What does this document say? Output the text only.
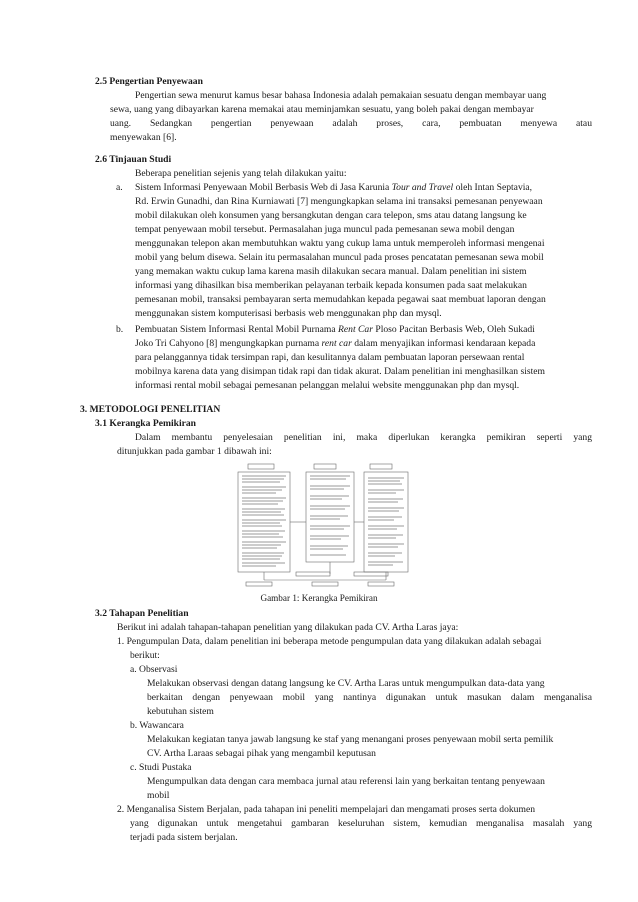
2.5 Pengertian Penyewaan
Pengertian sewa menurut kamus besar bahasa Indonesia adalah pemakaian sesuatu dengan membayar uang
sewa, uang yang dibayarkan karena memakai atau meminjamkan sesuatu, yang boleh pakai dengan membayar
uang. Sedangkan pengertian penyewaan adalah proses, cara, pembuatan menyewa atau
menyewakan [6].
2.6 Tinjauan Studi
Beberapa penelitian sejenis yang telah dilakukan yaitu:
a. Sistem Informasi Penyewaan Mobil Berbasis Web di Jasa Karunia Tour and Travel oleh Intan Septavia,
Rd. Erwin Gunadhi, dan Rina Kurniawati [7] mengungkapkan selama ini transaksi pemesanan penyewaan
mobil dilakukan oleh konsumen yang bersangkutan dengan cara telepon, sms atau datang langsung ke
tempat penyewaan mobil tersebut. Permasalahan juga muncul pada pemesanan sewa mobil dengan
menggunakan telepon akan membutuhkan waktu yang cukup lama untuk memperoleh informasi mengenai
mobil yang belum disewa. Selain itu permasalahan muncul pada proses pencatatan pemesanan sewa mobil
yang memakan waktu cukup lama karena masih dilakukan secara manual. Dalam penelitian ini sistem
informasi yang dihasilkan bisa memberikan pelayanan terbaik kepada konsumen pada saat melakukan
pemesanan mobil, transaksi pembayaran serta memudahkan kepada pegawai saat membuat laporan dengan
menggunakan sistem komputerisasi berbasis web menggunakan php dan mysql.
b. Pembuatan Sistem Informasi Rental Mobil Purnama Rent Car Ploso Pacitan Berbasis Web, Oleh Sukadi
Joko Tri Cahyono [8] mengungkapkan purnama rent car dalam menyajikan informasi kendaraan kepada
para pelanggannya tidak tersimpan rapi, dan kesulitannya dalam pembuatan laporan persewaan rental
mobilnya karena data yang disimpan tidak rapi dan tidak akurat. Dalam penelitian ini menghasilkan sistem
informasi rental mobil sebagai pemesanan pelanggan melalui website menggunakan php dan mysql.
3. METODOLOGI PENELITIAN
3.1 Kerangka Pemikiran
Dalam membantu penyelesaian penelitian ini, maka diperlukan kerangka pemikiran seperti yang
ditunjukkan pada gambar 1 dibawah ini:
Gambar 1: Kerangka Pemikiran
3.2 Tahapan Penelitian
Berikut ini adalah tahapan-tahapan penelitian yang dilakukan pada CV. Artha Laras jaya:
1. Pengumpulan Data, dalam penelitian ini beberapa metode pengumpulan data yang dilakukan adalah sebagai
berikut:
a. Observasi
Melakukan observasi dengan datang langsung ke CV. Artha Laras untuk mengumpulkan data-data yang
berkaitan dengan penyewaan mobil yang nantinya digunakan untuk masukan dalam menganalisa
kebutuhan sistem
b. Wawancara
Melakukan kegiatan tanya jawab langsung ke staf yang menangani proses penyewaan mobil serta pemilik
CV. Artha Laraas sebagai pihak yang mengambil keputusan
c. Studi Pustaka
Mengumpulkan data dengan cara membaca jurnal atau referensi lain yang berkaitan tentang penyewaan
mobil
2. Menganalisa Sistem Berjalan, pada tahapan ini peneliti mempelajari dan mengamati proses serta dokumen
yang digunakan untuk mengetahui gambaran keseluruhan sistem, kemudian menganalisa masalah yang
terjadi pada sistem berjalan.
